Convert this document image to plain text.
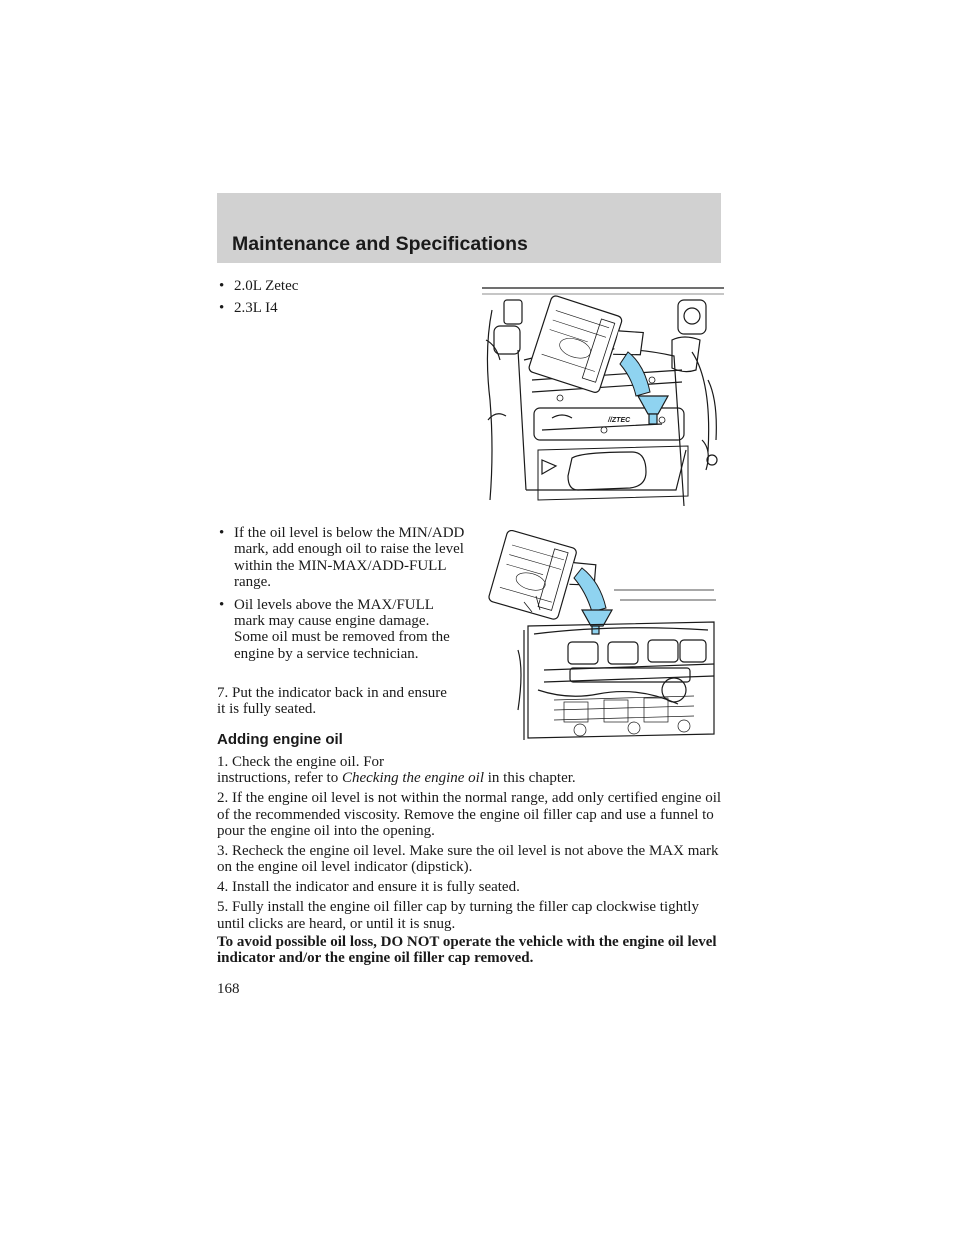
Maintenance and Specifications
• 2.0L Zetec
• 2.3L I4
//ZTEC
• If the oil level is below the MIN/ADD mark, add enough oil to raise the level within the MIN-MAX/ADD-FULL range.
• Oil levels above the MAX/FULL mark may cause engine damage. Some oil must be removed from the engine by a service technician.

7. Put the indicator back in and ensure it is fully seated.

Adding engine oil

1. Check the engine oil. For
instructions, refer to Checking the engine oil in this chapter.

2. If the engine oil level is not within the normal range, add only certified engine oil of the recommended viscosity. Remove the engine oil filler cap and use a funnel to pour the engine oil into the opening.

3. Recheck the engine oil level. Make sure the oil level is not above the MAX mark on the engine oil level indicator (dipstick).

4. Install the indicator and ensure it is fully seated.

5. Fully install the engine oil filler cap by turning the filler cap clockwise tightly until clicks are heard, or until it is snug.

To avoid possible oil loss, DO NOT operate the vehicle with the engine oil level indicator and/or the engine oil filler cap removed.

168
